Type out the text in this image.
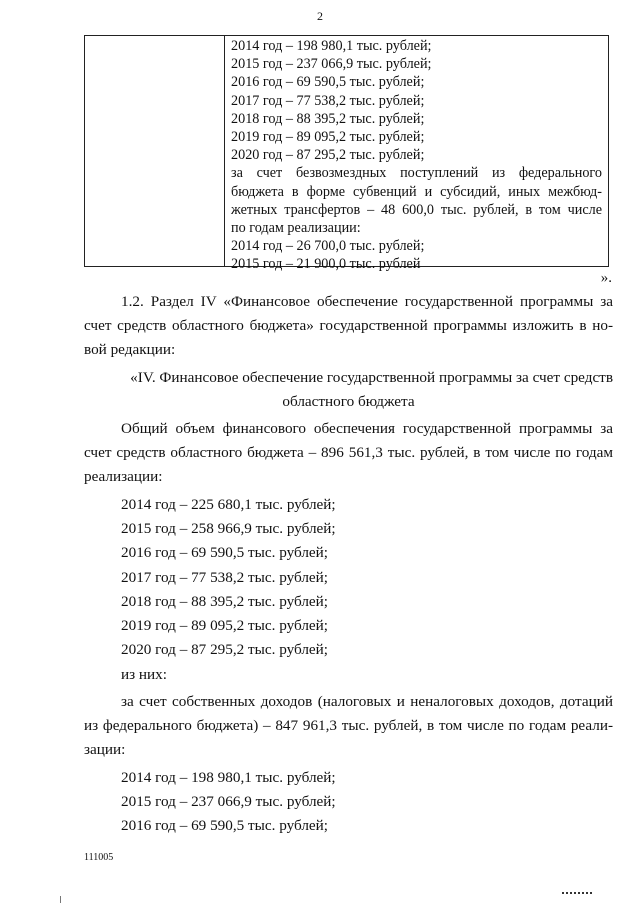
2
2014 год – 198 980,1 тыс. рублей;
2015 год – 237 066,9 тыс. рублей;
2016 год – 69 590,5 тыс. рублей;
2017 год – 77 538,2 тыс. рублей;
2018 год – 88 395,2 тыс. рублей;
2019 год – 89 095,2 тыс. рублей;
2020 год – 87 295,2 тыс. рублей;
за счет безвозмездных поступлений из федерального
бюджета в форме субвенций и субсидий, иных межбюд-
жетных трансфертов – 48 600,0 тыс. рублей, в том числе
по годам реализации:
2014 год – 26 700,0 тыс. рублей;
2015 год – 21 900,0 тыс. рублей
».
1.2. Раздел IV «Финансовое обеспечение государственной программы за
счет средств областного бюджета» государственной программы изложить в но-
вой редакции:
«IV. Финансовое обеспечение государственной программы за счет средств
областного бюджета
Общий объем финансового обеспечения государственной программы за
счет средств областного бюджета – 896 561,3 тыс. рублей, в том числе по годам
реализации:
2014 год – 225 680,1 тыс. рублей;
2015 год – 258 966,9 тыс. рублей;
2016 год – 69 590,5 тыс. рублей;
2017 год – 77 538,2 тыс. рублей;
2018 год – 88 395,2 тыс. рублей;
2019 год – 89 095,2 тыс. рублей;
2020 год – 87 295,2 тыс. рублей;
из них:
за счет собственных доходов (налоговых и неналоговых доходов, дотаций
из федерального бюджета) – 847 961,3 тыс. рублей, в том числе по годам реали-
зации:
2014 год – 198 980,1 тыс. рублей;
2015 год – 237 066,9 тыс. рублей;
2016 год – 69 590,5 тыс. рублей;
111005
